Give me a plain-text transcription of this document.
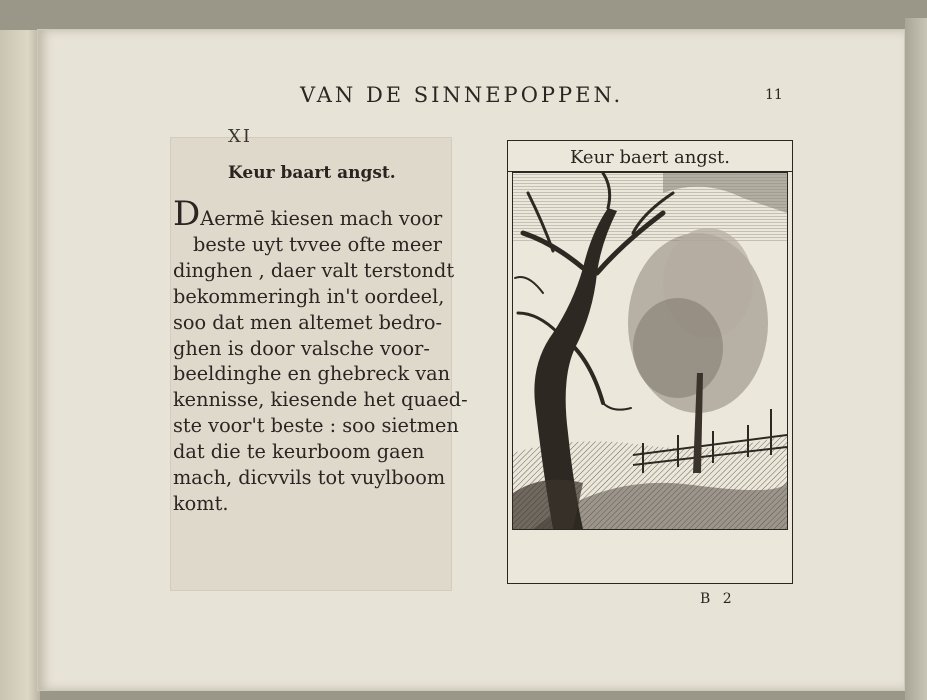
VAN DE SINNEPOPPEN.	11
XI
Keur baart angst.
DAermē kiesen mach voor
beste uyt tvvee ofte meer
dinghen , daer valt terstondt
bekommeringh in't oordeel,
soo dat men altemet bedro-
ghen is door valsche voor-
beeldinghe en ghebreck van
kennisse, kiesende het quaed-
ste voor't beste : soo sietmen
dat die te keurboom gaen
mach, dicvvils tot vuylboom
komt.
Keur baert angst.
B 2
